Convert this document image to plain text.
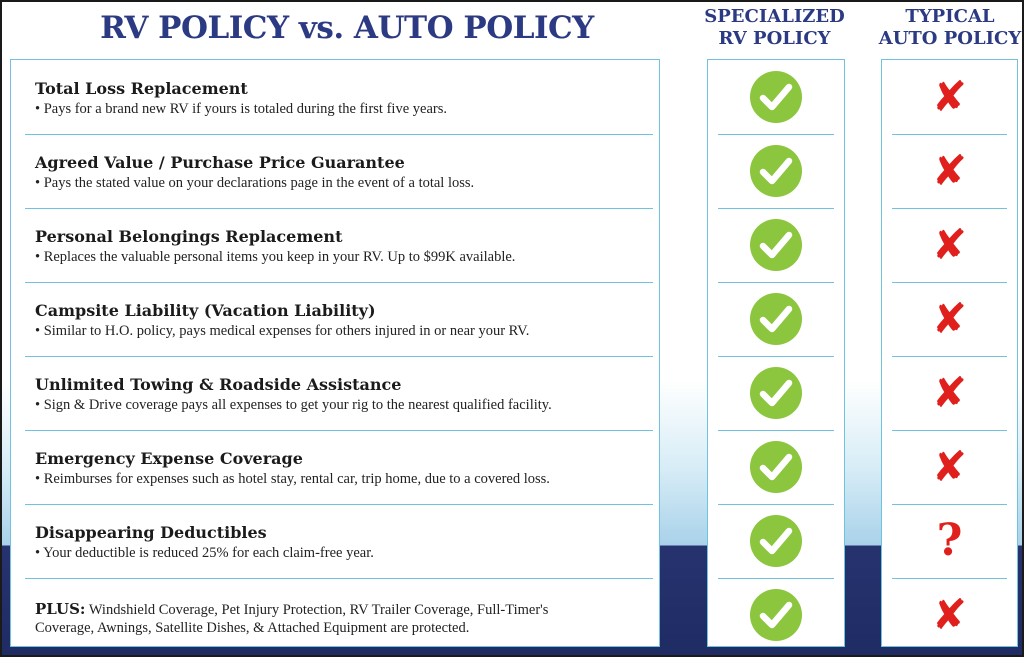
RV POLICY vs. AUTO POLICY	SPECIALIZED
RV POLICY
TYPICAL
AUTO POLICY
Total Loss Replacement
• Pays for a brand new RV if yours is totaled during the first five years.
Agreed Value / Purchase Price Guarantee
• Pays the stated value on your declarations page in the event of a total loss.
Personal Belongings Replacement
• Replaces the valuable personal items you keep in your RV. Up to $99K available.
Campsite Liability (Vacation Liability)
• Similar to H.O. policy, pays medical expenses for others injured in or near your RV.
Unlimited Towing & Roadside Assistance
• Sign & Drive coverage pays all expenses to get your rig to the nearest qualified facility.
Emergency Expense Coverage
• Reimburses for expenses such as hotel stay, rental car, trip home, due to a covered loss.
Disappearing Deductibles
• Your deductible is reduced 25% for each claim-free year.
PLUS: Windshield Coverage, Pet Injury Protection, RV Trailer Coverage, Full-Timer's
Coverage, Awnings, Satellite Dishes, & Attached Equipment are protected.
✘
✘
✘
✘
✘
✘
?
✘
